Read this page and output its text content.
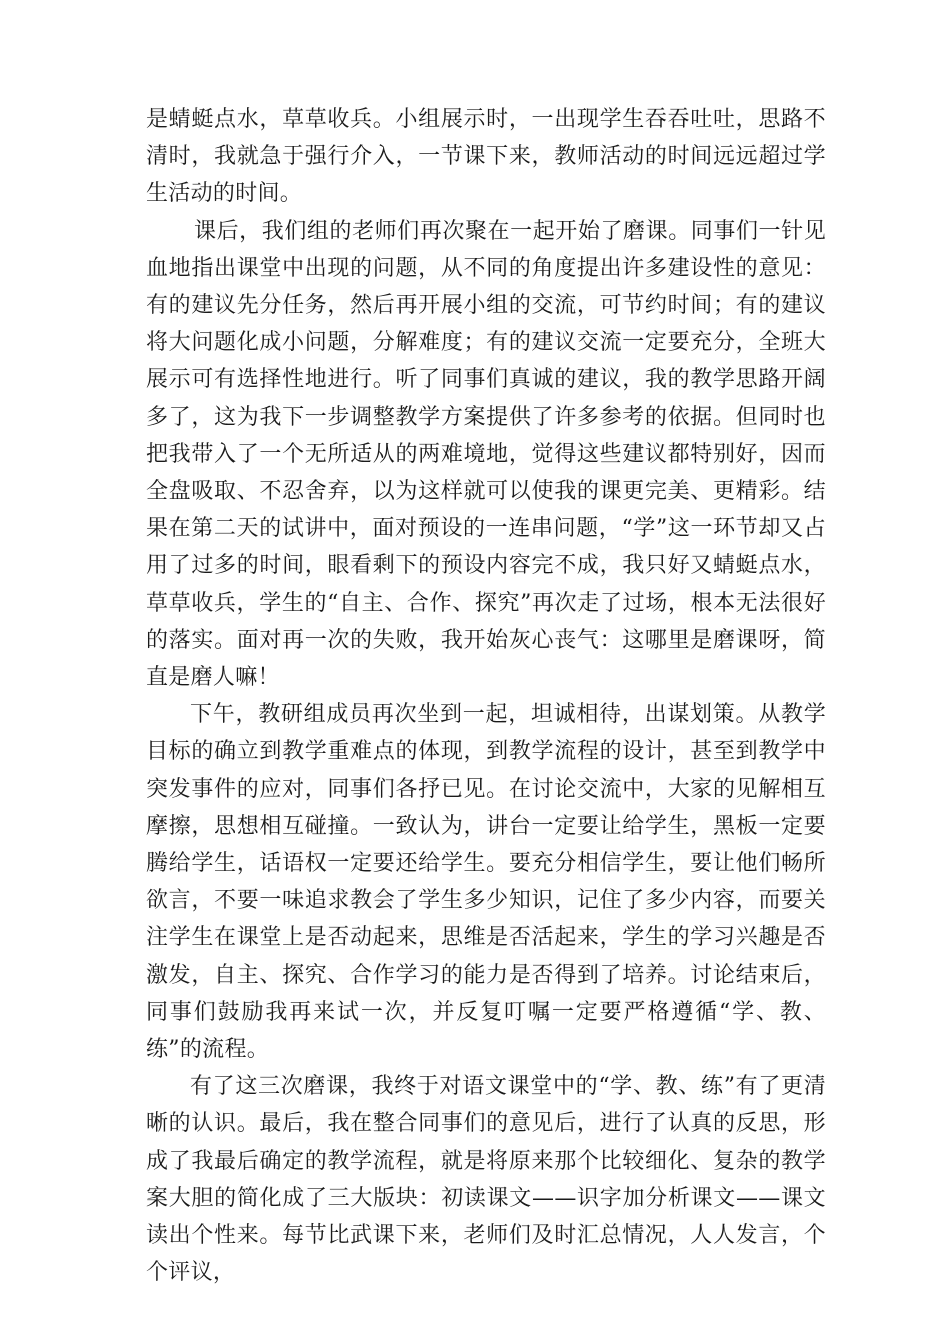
是蜻蜓点水，草草收兵。小组展示时，一出现学生吞吞吐吐，思路不清时，我就急于强行介入，一节课下来，教师活动的时间远远超过学生活动的时间。

课后，我们组的老师们再次聚在一起开始了磨课。同事们一针见血地指出课堂中出现的问题，从不同的角度提出许多建设性的意见：有的建议先分任务，然后再开展小组的交流，可节约时间；有的建议将大问题化成小问题，分解难度；有的建议交流一定要充分，全班大展示可有选择性地进行。听了同事们真诚的建议，我的教学思路开阔多了，这为我下一步调整教学方案提供了许多参考的依据。但同时也把我带入了一个无所适从的两难境地，觉得这些建议都特别好，因而全盘吸取、不忍舍弃，以为这样就可以使我的课更完美、更精彩。结果在第二天的试讲中，面对预设的一连串问题，“学”这一环节却又占用了过多的时间，眼看剩下的预设内容完不成，我只好又蜻蜓点水，草草收兵，学生的“自主、合作、探究”再次走了过场，根本无法很好的落实。面对再一次的失败，我开始灰心丧气：这哪里是磨课呀，简直是磨人嘛！

下午，教研组成员再次坐到一起，坦诚相待，出谋划策。从教学目标的确立到教学重难点的体现，到教学流程的设计，甚至到教学中突发事件的应对，同事们各抒已见。在讨论交流中，大家的见解相互摩擦，思想相互碰撞。一致认为，讲台一定要让给学生，黑板一定要腾给学生，话语权一定要还给学生。要充分相信学生，要让他们畅所欲言，不要一味追求教会了学生多少知识，记住了多少内容，而要关注学生在课堂上是否动起来，思维是否活起来，学生的学习兴趣是否激发，自主、探究、合作学习的能力是否得到了培养。讨论结束后，同事们鼓励我再来试一次，并反复叮嘱一定要严格遵循“学、教、练”的流程。

有了这三次磨课，我终于对语文课堂中的“学、教、练”有了更清晰的认识。最后，我在整合同事们的意见后，进行了认真的反思，形成了我最后确定的教学流程，就是将原来那个比较细化、复杂的教学案大胆的简化成了三大版块：初读课文——识字加分析课文——课文读出个性来。每节比武课下来，老师们及时汇总情况，人人发言，个个评议，
